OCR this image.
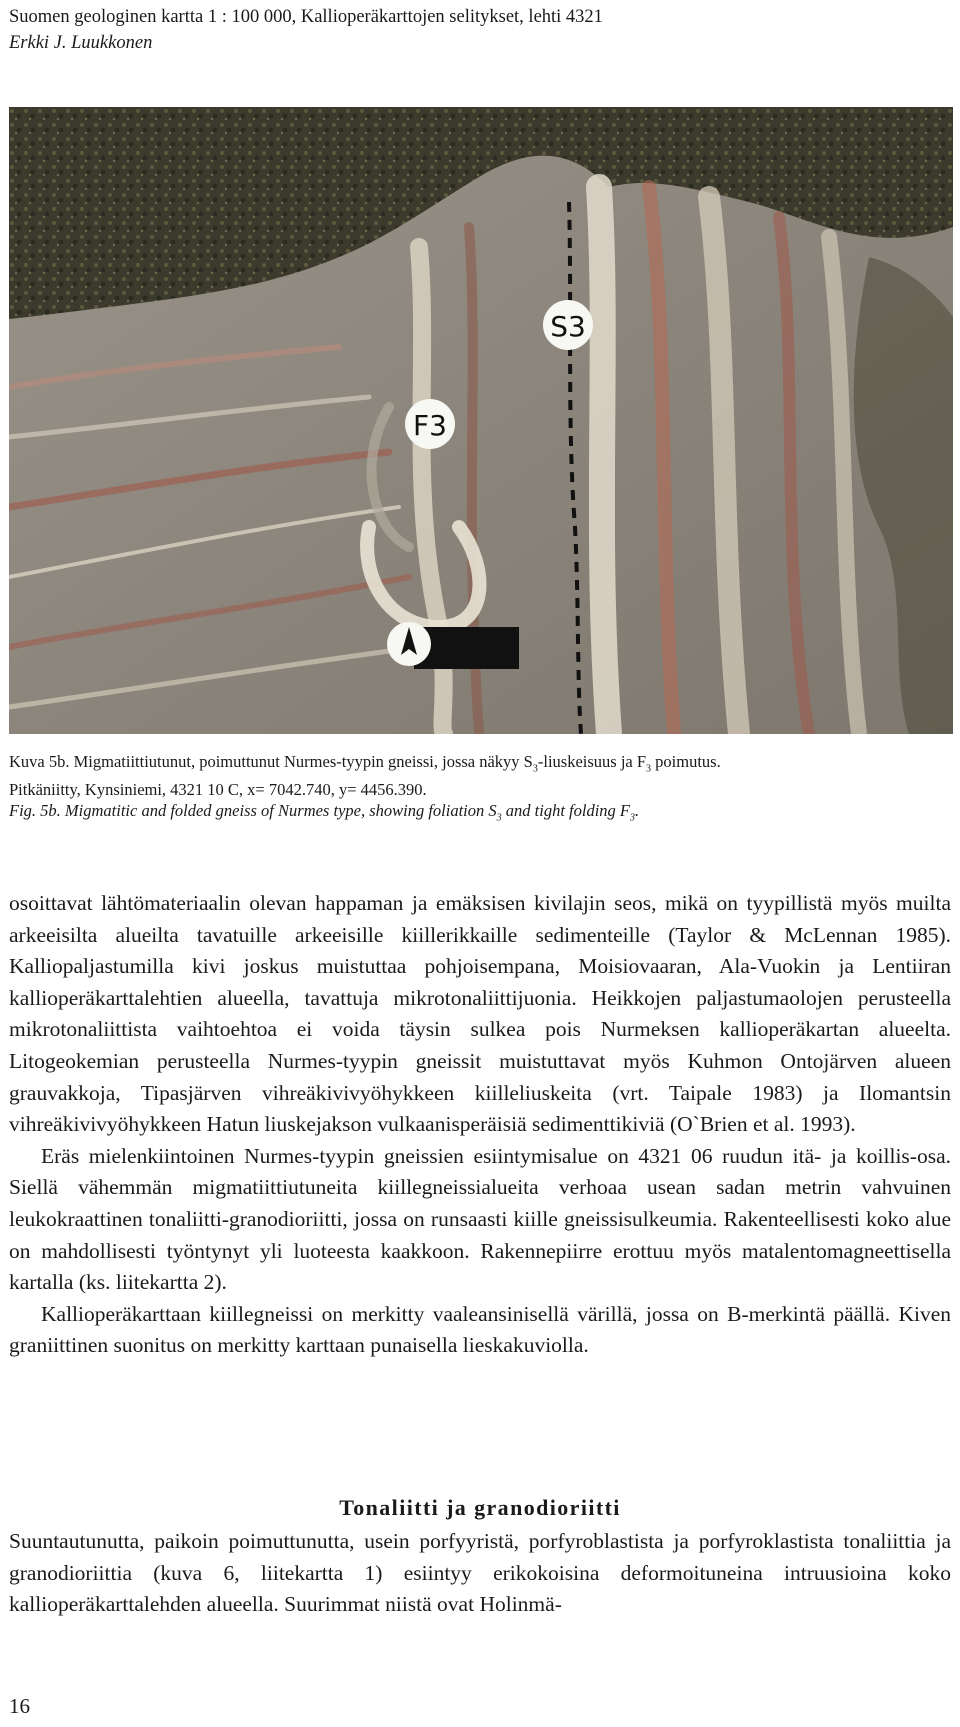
Suomen geologinen kartta 1 : 100 000, Kallioperäkarttojen selitykset, lehti 4321
Erkki J. Luukkonen
S3
F3
Kuva 5b. Migmatiittiutunut, poimuttunut Nurmes-tyypin gneissi, jossa näkyy $S_3$-liuskeisuus ja $F_3$ poimutus.
Pitkäniitty, Kynsiniemi, 4321 10 C, x= 7042.740, y= 4456.390.
Fig. 5b. Migmatitic and folded gneiss of Nurmes type, showing foliation $S_3$ and tight folding $F_3$.

osoittavat lähtömateriaalin olevan happaman ja emäksisen kivilajin seos, mikä on tyypillistä myös muilta arkeeisilta alueilta tavatuille arkeeisille kiillerikkaille sedimenteille (Taylor & McLennan 1985). Kalliopaljastumilla kivi joskus muistuttaa pohjoisempana, Moisiovaaran, Ala-Vuokin ja Lentiiran kallioperäkarttalehtien alueella, tavattuja mikrotonaliittijuonia. Heikkojen paljastumaolojen perusteella mikrotonaliittista vaihtoehtoa ei voida täysin sulkea pois Nurmeksen kallioperäkartan alueelta. Litogeokemian perusteella Nurmes-tyypin gneissit muistuttavat myös Kuhmon Ontojärven alueen grauvakkoja, Tipasjärven vihreäkivivyöhykkeen kiilleliuskeita (vrt. Taipale 1983) ja Ilomantsin vihreäkivivyöhykkeen Hatun liuskejakson vulkaanisperäisiä sedimenttikiviä (O`Brien et al. 1993).

Eräs mielenkiintoinen Nurmes-tyypin gneissien esiintymisalue on 4321 06 ruudun itä- ja koillis-osa. Siellä vähemmän migmatiittiutuneita kiillegneissialueita verhoaa usean sadan metrin vahvuinen leukokraattinen tonaliitti-granodioriitti, jossa on runsaasti kiille gneissisulkeumia. Rakenteellisesti koko alue on mahdollisesti työntynyt yli luoteesta kaakkoon. Rakennepiirre erottuu myös matalentomagneettisella kartalla (ks. liitekartta 2).

Kallioperäkarttaan kiillegneissi on merkitty vaaleansinisellä värillä, jossa on B-merkintä päällä. Kiven graniittinen suonitus on merkitty karttaan punaisella lieskakuviolla.

Tonaliitti ja granodioriitti

Suuntautunutta, paikoin poimuttunutta, usein porfyyristä, porfyroblastista ja porfyroklastista tonaliittia ja granodioriittia (kuva 6, liitekartta 1) esiintyy erikokoisina deformoituneina intruusioina koko kallioperäkarttalehden alueella. Suurimmat niistä ovat Holinmä-

16
